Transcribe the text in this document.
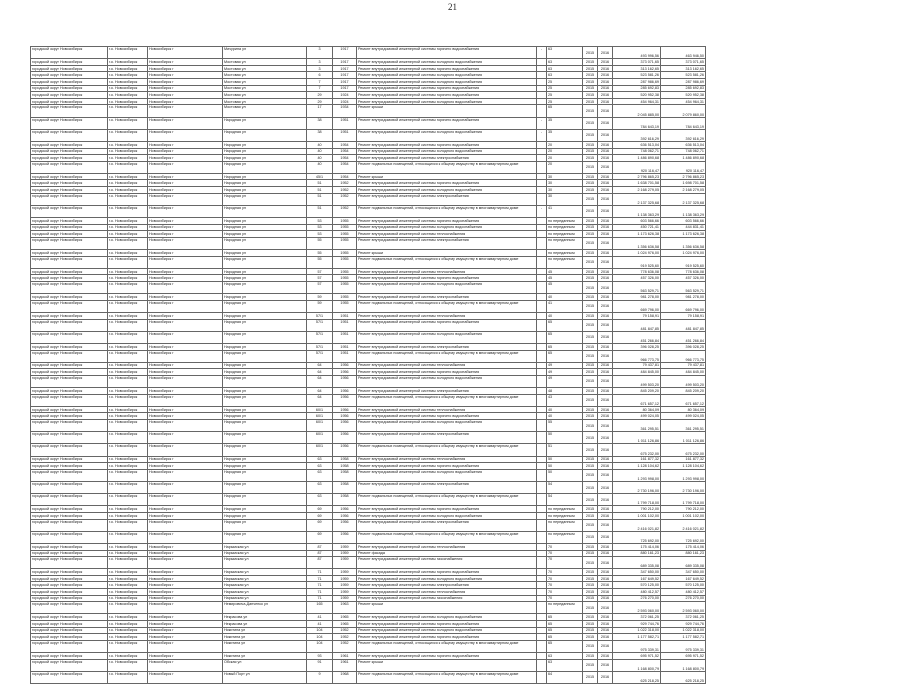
21
городской округ Новосибирск	г.о. Новосибирск	Новосибирск г	Мичурина ул	3	1917	Ремонт внутридомовой инженерной системы горячего водоснабжения	-	63	2015	2016	493 996,56	463 946,50
городской округ Новосибирск	г.о. Новосибирск	Новосибирск г	Мостовая ул	3	1917	Ремонт внутридомовой инженерной системы холодного водоснабжения		63	2015	2016	373 071,65	373 071,65
городской округ Новосибирск	г.о. Новосибирск	Новосибирск г	Мостовая ул	3	1917	Ремонт внутридомовой инженерной системы горячего водоснабжения		63	2015	2016	313 162,65	313 162,65
городской округ Новосибирск	г.о. Новосибирск	Новосибирск г	Мостовая ул	6	1917	Ремонт внутридомовой инженерной системы холодного водоснабжения		63	2015	2016	523 581,26	523 581,26
городской округ Новосибирск	г.о. Новосибирск	Новосибирск г	Мостовая ул	7	1917	Ремонт внутридомовой инженерной системы холодного водоснабжения		25	2015	2016	287 986,69	287 986,69
городской округ Новосибирск	г.о. Новосибирск	Новосибирск г	Мостовая ул	7	1917	Ремонт внутридомовой инженерной системы горячего водоснабжения		25	2015	2016	285 692,83	285 692,83
городской округ Новосибирск	г.о. Новосибирск	Новосибирск г	Мостовая ул	29	1924	Ремонт внутридомовой инженерной системы горячего водоснабжения		25	2015	2016	520 952,38	520 952,38
городской округ Новосибирск	г.о. Новосибирск	Новосибирск г	Мостовая ул	29	1924	Ремонт внутридомовой инженерной системы холодного водоснабжения		25	2015	2016	454 964,31	454 964,31
городской округ Новосибирск	г.о. Новосибирск	Новосибирск г	Мостовая ул	17	1934	Ремонт крыши		65	2015	2016	2 045 885,00	2 079 860,00
городской округ Новосибирск	г.о. Новосибирск	Новосибирск г	Народная ул	38	1951	Ремонт внутридомовой инженерной системы горячего водоснабжения	-	35	2015	2016	784 643,19	784 643,19
городской округ Новосибирск	г.о. Новосибирск	Новосибирск г	Народная ул	38	1951	Ремонт внутридомовой инженерной системы холодного водоснабжения	-	35	2015	2016	392 616,29	392 616,29
городской округ Новосибирск	г.о. Новосибирск	Новосибирск г	Народная ул	40	1954	Ремонт внутридомовой инженерной системы горячего водоснабжения		20	2015	2016	636 513,04	636 513,04
городской округ Новосибирск	г.о. Новосибирск	Новосибирск г	Народная ул	40	1954	Ремонт внутридомовой инженерной системы холодного водоснабжения		20	2015	2016	748 062,71	748 062,71
городской округ Новосибирск	г.о. Новосибирск	Новосибирск г	Народная ул	40	1954	Ремонт внутридомовой инженерной системы электроснабжения		20	2015	2016	1 486 890,68	1 486 890,68
городской округ Новосибирск	г.о. Новосибирск	Новосибирск г	Народная ул	40	1954	Ремонт подвальных помещений, относящихся к общему имуществу в многоквартирном доме		20	2015	2016	920 116,47	920 116,47
городской округ Новосибирск	г.о. Новосибирск	Новосибирск г	Народная ул	45/1	1954	Ремонт крыши		30	2015	2016	2 796 865,23	2 796 865,23
городской округ Новосибирск	г.о. Новосибирск	Новосибирск г	Народная ул	51	1952	Ремонт внутридомовой инженерной системы горячего водоснабжения		30	2015	2016	1 638 701,58	1 698 701,58
городской округ Новосибирск	г.о. Новосибирск	Новосибирск г	Народная ул	51	1952	Ремонт внутридомовой инженерной системы холодного водоснабжения		30	2015	2016	2 168 279,05	2 168 279,05
городской округ Новосибирск	г.о. Новосибирск	Новосибирск г	Народная ул	51	1952	Ремонт внутридомовой инженерной системы электроснабжения		30	2015	2016	2 137 325,68	2 137 325,68
городской округ Новосибирск	г.о. Новосибирск	Новосибирск г	Народная ул	51	1952	Ремонт подвальных помещений, относящихся к общему имуществу в многоквартирном доме	-	41	2015	2016	1 138 363,29	1 138 363,29
городской округ Новосибирск	г.о. Новосибирск	Новосибирск г	Народная ул	53	1955	Ремонт внутридомовой инженерной системы горячего водоснабжения		по переданным	2015	2016	603 566,66	603 566,66
городской округ Новосибирск	г.о. Новосибирск	Новосибирск г	Народная ул	53	1955	Ремонт внутридомовой инженерной системы холодного водоснабжения		по переданным	2015	2016	450 721,41	444 831,41
городской округ Новосибирск	г.о. Новосибирск	Новосибирск г	Народная ул	53	1955	Ремонт внутридомовой инженерной системы теплоснабжения		по переданным	2015	2016	1 173 626,38	1 173 626,38
городской округ Новосибирск	г.о. Новосибирск	Новосибирск г	Народная ул	55	1955	Ремонт внутридомовой инженерной системы электроснабжения		по переданным	2015	2016	1 356 636,58	1 356 636,58
городской округ Новосибирск	г.о. Новосибирск	Новосибирск г	Народная ул	55	1955	Ремонт крыши		по переданным	2015	2016	1 024 976,00	1 024 976,00
городской округ Новосибирск	г.о. Новосибирск	Новосибирск г	Народная ул	55	1955	Ремонт подвальных помещений, относящихся к общему имуществу в многоквартирном доме		по переданным	2015	2016	919 525,60	919 525,60
городской округ Новосибирск	г.о. Новосибирск	Новосибирск г	Народная ул	57	1955	Ремонт внутридомовой инженерной системы теплоснабжения		45	2015	2016	778 636,08	778 636,08
городской округ Новосибирск	г.о. Новосибирск	Новосибирск г	Народная ул	57	1955	Ремонт внутридомовой инженерной системы горячего водоснабжения		45	2015	2016	457 326,00	457 326,00
городской округ Новосибирск	г.о. Новосибирск	Новосибирск г	Народная ул	57	1955	Ремонт внутридомовой инженерной системы холодного водоснабжения		45	2015	2016	563 529,71	563 529,71
городской округ Новосибирск	г.о. Новосибирск	Новосибирск г	Народная ул	59	1955	Ремонт внутридомовой инженерной системы электроснабжения		40	2015	2016	981 278,00	981 278,00
городской округ Новосибирск	г.о. Новосибирск	Новосибирск г	Народная ул	59	1955	Ремонт подвальных помещений, относящихся к общему имуществу в многоквартирном доме		41	2015	2016	669 796,00	669 796,00
городской округ Новосибирск	г.о. Новосибирск	Новосибирск г	Народная ул	57/1	1951	Ремонт внутридомовой инженерной системы теплоснабжения		40	2015	2016	79 158,91	79 158,91
городской округ Новосибирск	г.о. Новосибирск	Новосибирск г	Народная ул	57/1	1951	Ремонт внутридомовой инженерной системы горячего водоснабжения		65	2015	2016	481 847,85	481 847,85
городской округ Новосибирск	г.о. Новосибирск	Новосибирск г	Народная ул	57/1	1951	Ремонт внутридомовой инженерной системы холодного водоснабжения		65	2015	2016	451 266,84	451 266,84
городской округ Новосибирск	г.о. Новосибирск	Новосибирск г	Народная ул	57/1	1951	Ремонт внутридомовой инженерной системы электроснабжения		65	2015	2016	396 028,25	396 028,25
городской округ Новосибирск	г.о. Новосибирск	Новосибирск г	Народная ул	57/1	1951	Ремонт подвальных помещений, относящихся к общему имуществу в многоквартирном доме		65	2015	2016	966 773,75	966 773,75
городской округ Новосибирск	г.о. Новосибирск	Новосибирск г	Народная ул	64	1956	Ремонт внутридомовой инженерной системы теплоснабжения		49	2015	2016	79 437,81	79 437,81
городской округ Новосибирск	г.о. Новосибирск	Новосибирск г	Народная ул	64	1956	Ремонт внутридомовой инженерной системы горячего водоснабжения		49	2015	2016	484 845,00	484 845,00
городской округ Новосибирск	г.о. Новосибирск	Новосибирск г	Народная ул	64	1956	Ремонт внутридомовой инженерной системы холодного водоснабжения		49	2015	2016	499 503,20	499 503,20
городской округ Новосибирск	г.о. Новосибирск	Новосибирск г	Народная ул	64	1956	Ремонт внутридомовой инженерной системы электроснабжения		48	2015	2016	845 209,20	845 209,20
городской округ Новосибирск	г.о. Новосибирск	Новосибирск г	Народная ул	64	1956	Ремонт подвальных помещений, относящихся к общему имуществу в многоквартирном доме		43	2015	2016	671 657,12	671 657,12
городской округ Новосибирск	г.о. Новосибирск	Новосибирск г	Народная ул	60/1	1956	Ремонт внутридомовой инженерной системы теплоснабжения		40	2015	2016	80 364,09	80 364,09
городской округ Новосибирск	г.о. Новосибирск	Новосибирск г	Народная ул	60/1	1956	Ремонт внутридомовой инженерной системы горячего водоснабжения		40	2015	2016	499 024,05	499 024,05
городской округ Новосибирск	г.о. Новосибирск	Новосибирск г	Народная ул	60/1	1956	Ремонт внутридомовой инженерной системы холодного водоснабжения		55	2015	2016	361 295,51	361 295,51
городской округ Новосибирск	г.о. Новосибирск	Новосибирск г	Народная ул	60/1	1956	Ремонт внутридомовой инженерной системы электроснабжения		50	2015	2016	1 011 126,86	1 011 126,86
городской округ Новосибирск	г.о. Новосибирск	Новосибирск г	Народная ул	60/1	1956	Ремонт подвальных помещений, относящихся к общему имуществу в многоквартирном доме		51	2015	2016	675 232,00	675 232,00
городской округ Новосибирск	г.о. Новосибирск	Новосибирск г	Народная ул	63	1958	Ремонт внутридомовой инженерной системы теплоснабжения		50	2015	2016	161 877,32	161 877,32
городской округ Новосибирск	г.о. Новосибирск	Новосибирск г	Народная ул	63	1958	Ремонт внутридомовой инженерной системы горячего водоснабжения		50	2015	2016	1 128 104,62	1 128 104,62
городской округ Новосибирск	г.о. Новосибирск	Новосибирск г	Народная ул	63	1958	Ремонт внутридомовой инженерной системы холодного водоснабжения		50	2015	2016	1 293 998,00	1 293 998,00
городской округ Новосибирск	г.о. Новосибирск	Новосибирск г	Народная ул	63	1958	Ремонт внутридомовой инженерной системы электроснабжения		54	2015	2016	2 730 196,00	2 730 196,00
городской округ Новосибирск	г.о. Новосибирск	Новосибирск г	Народная ул	63	1958	Ремонт подвальных помещений, относящихся к общему имуществу в многоквартирном доме		54	2015	2016	1 799 718,00	1 799 718,00
городской округ Новосибирск	г.о. Новосибирск	Новосибирск г	Народная ул	69	1956	Ремонт внутридомовой инженерной системы горячего водоснабжения		по переданным	2015	2016	790 212,00	790 212,00
городской округ Новосибирск	г.о. Новосибирск	Новосибирск г	Народная ул	69	1956	Ремонт внутридомовой инженерной системы холодного водоснабжения		по переданным	2015	2016	1 001 102,00	1 001 102,00
городской округ Новосибирск	г.о. Новосибирск	Новосибирск г	Народная ул	69	1956	Ремонт внутридомовой инженерной системы электроснабжения		по переданным	2015	2016	2 416 021,82	2 416 021,82
городской округ Новосибирск	г.о. Новосибирск	Новосибирск г	Народная ул	69	1956	Ремонт подвальных помещений, относящихся к общему имуществу в многоквартирном доме		по переданным	2015	2016	725 692,00	725 692,00
городской округ Новосибирск	г.о. Новосибирск	Новосибирск г	Нарымская ул	87	1959	Ремонт внутридомовой инженерной системы теплоснабжения		70	2015	2016	175 414,06	175 414,06
городской округ Новосибирск	г.о. Новосибирск	Новосибирск г	Нарымская ул	87	1959	Ремонт фасада		70	2015	2016	880 161,23	880 161,23
городской округ Новосибирск	г.о. Новосибирск	Новосибирск г	Нарымская ул	87	1959	Ремонт внутридомовой инженерной системы газоснабжения		70	2015	2016	689 335,08	689 335,08
городской округ Новосибирск	г.о. Новосибирск	Новосибирск г	Нарымская ул	71	1959	Ремонт внутридомовой инженерной системы горячего водоснабжения		70	2015	2016	347 650,00	347 650,00
городской округ Новосибирск	г.о. Новосибирск	Новосибирск г	Нарымская ул	71	1959	Ремонт внутридомовой инженерной системы холодного водоснабжения		70	2015	2016	167 649,52	167 649,52
городской округ Новосибирск	г.о. Новосибирск	Новосибирск г	Нарымская ул	71	1959	Ремонт внутридомовой инженерной системы электроснабжения		70	2015	2016	570 125,00	570 125,00
городской округ Новосибирск	г.о. Новосибирск	Новосибирск г	Нарымская ул	71	1959	Ремонт внутридомовой инженерной системы теплоснабжения		70	2015	2016	480 412,57	480 412,57
городской округ Новосибирск	г.о. Новосибирск	Новосибирск г	Нарымская ул	71	1959	Ремонт внутридомовой инженерной системы газоснабжения		70	2015	2016	276 270,00	276 270,00
городской округ Новосибирск	г.о. Новосибирск	Новосибирск г	Немировича-Данченко ул	165	1963	Ремонт крыши		по переданным	2015	2016	2 593 060,00	2 593 060,00
городской округ Новосибирск	г.о. Новосибирск	Новосибирск г	Некрасова ул	41	1965	Ремонт внутридомовой инженерной системы холодного водоснабжения		65	2015	2016	372 061,25	372 061,25
городской округ Новосибирск	г.о. Новосибирск	Новосибирск г	Некрасова ул	41	1965	Ремонт внутридомовой инженерной системы горячего водоснабжения		65	2015	2016	929 744,76	929 744,76
городской округ Новосибирск	г.о. Новосибирск	Новосибирск г	Никитина ул	104	1952	Ремонт внутридомовой инженерной системы холодного водоснабжения		65	2015	2016	1 022 318,00	1 022 318,00
городской округ Новосибирск	г.о. Новосибирск	Новосибирск г	Никитина ул	104	1952	Ремонт внутридомовой инженерной системы горячего водоснабжения		65	2015	2016	1 177 582,71	1 177 582,71
городской округ Новосибирск	г.о. Новосибирск	Новосибирск г	Никитина ул	104	1952	Ремонт подвальных помещений, относящихся к общему имуществу в многоквартирном доме		65	2015	2016	975 339,31	975 339,31
городской округ Новосибирск	г.о. Новосибирск	Новосибирск г	Никитина ул	93	1961	Ремонт внутридомовой инженерной системы горячего водоснабжения		63	2015	2016	695 971,52	695 971,52
городской округ Новосибирск	г.о. Новосибирск	Новосибирск г	Обская ул	91	1961	Ремонт крыши		63	2015	2016	1 168 800,79	1 168 800,79
городской округ Новосибирск	г.о. Новосибирск	Новосибирск г	Новый Порт ул	9	1968	Ремонт подвальных помещений, относящихся к общему имуществу в многоквартирном доме		64	2015	2016	625 218,25	625 218,25
